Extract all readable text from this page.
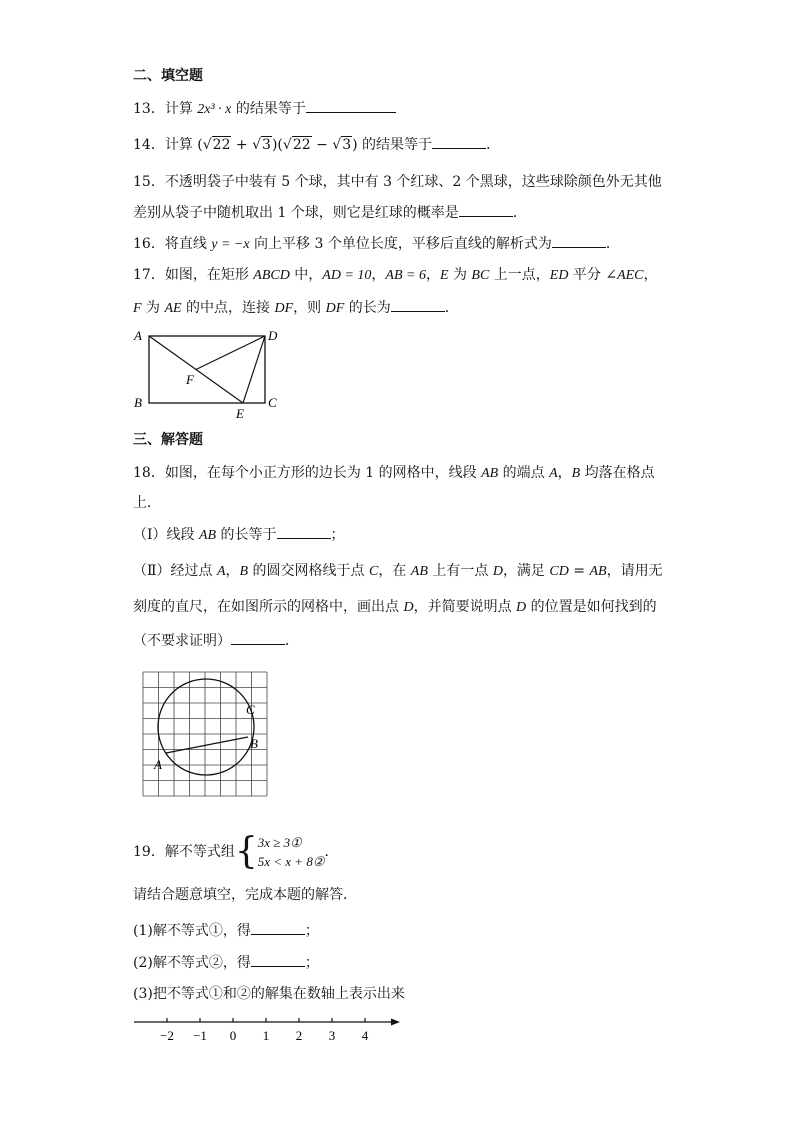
二、填空题
13．计算 2x³ · x 的结果等于
14．计算 (√22 + √3)(√22 − √3) 的结果等于	．
15．不透明袋子中装有 5 个球，其中有 3 个红球、2 个黑球，这些球除颜色外无其他
差别从袋子中随机取出 1 个球，则它是红球的概率是	．
16．将直线 y = −x 向上平移 3 个单位长度，平移后直线的解析式为	．
17．如图，在矩形 ABCD 中，AD = 10，AB = 6，E 为 BC 上一点，ED 平分 ∠AEC，
F 为 AE 的中点，连接 DF，则 DF 的长为	．
A	D
B	C
E
F
三、解答题
18．如图，在每个小正方形的边长为 1 的网格中，线段 AB 的端点 A，B 均落在格点
上．
（Ⅰ）线段 AB 的长等于	；
（Ⅱ）经过点 A，B 的圆交网格线于点 C，在 AB 上有一点 D，满足 CD = AB，请用无
刻度的直尺，在如图所示的网格中，画出点 D，并简要说明点 D 的位置是如何找到的
（不要求证明）	．
A
B
C
19．解不等式组{ 3x ≥ 3①
5x < x + 8②
．
请结合题意填空，完成本题的解答．
(1)解不等式①，得	；
(2)解不等式②，得	；
(3)把不等式①和②的解集在数轴上表示出来
−2 −1 0 1 2 3 4
